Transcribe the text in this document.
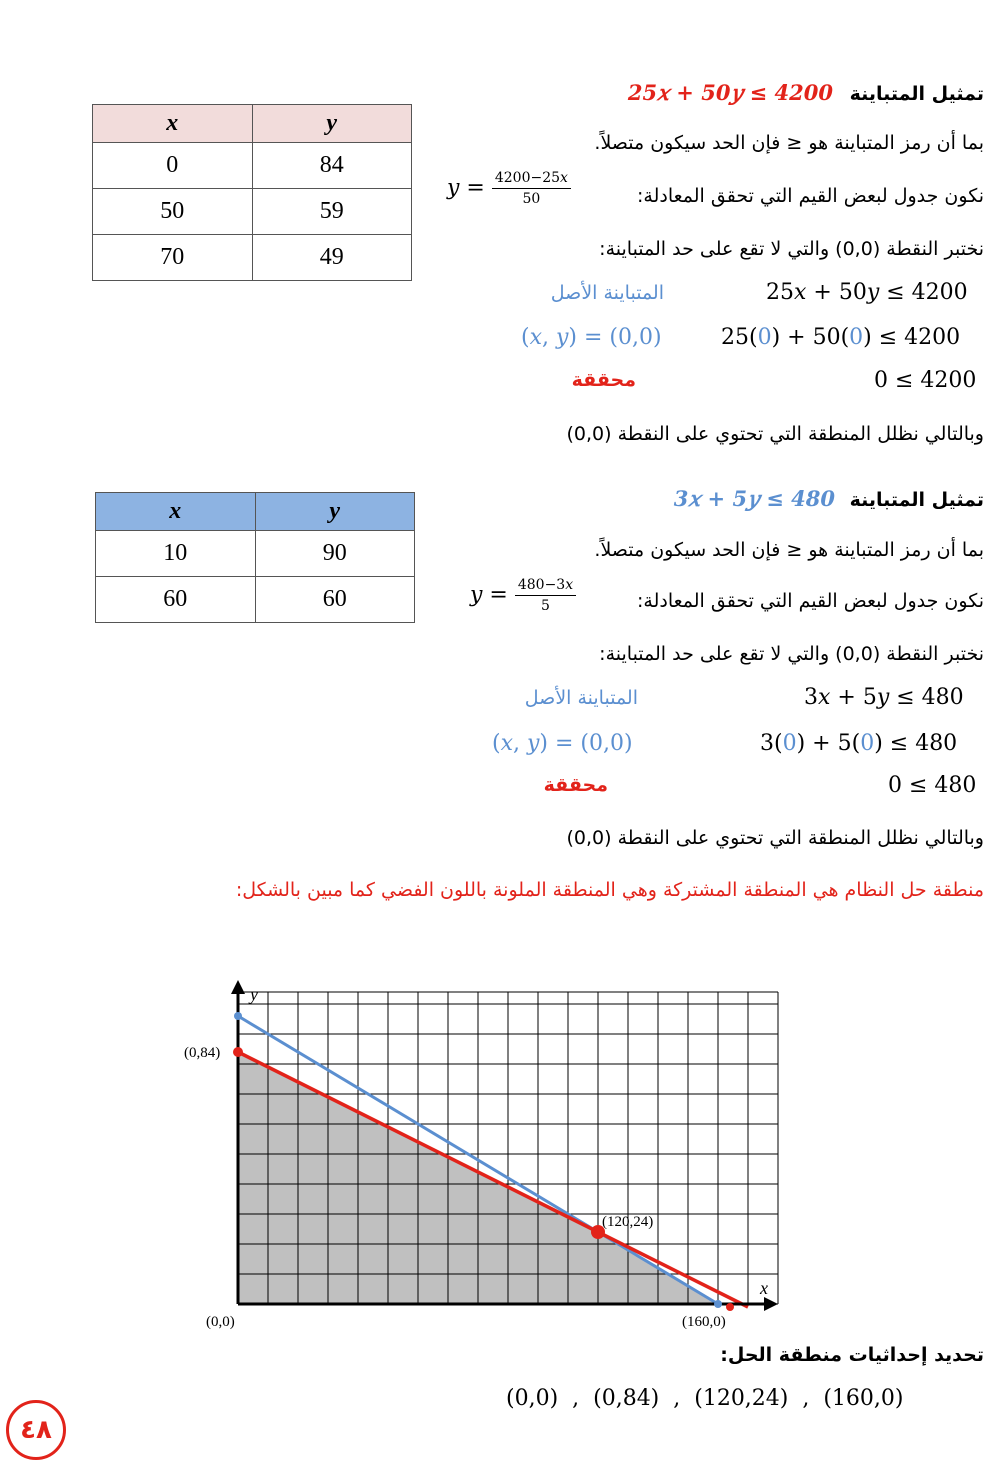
تمثيل المتباينة 25𝑥 + 50𝑦 ≤ 4200
بما أن رمز المتباينة هو ≤ فإن الحد سيكون متصلاً.
نكون جدول لبعض القيم التي تحقق المعادلة:
𝑦 = $\frac{\text{4200−25𝑥}}{50}$
نختبر النقطة (0,0) والتي لا تقع على حد المتباينة:
المتباينة الأصل	25𝑥 + 50𝑦 ≤ 4200
(𝑥, 𝑦) = (0,0)	25(0) + 50(0) ≤ 4200
محققة	0 ≤ 4200
وبالتالي نظلل المنطقة التي تحتوي على النقطة (0,0)
x	y
0	84
50	59
70	49
تمثيل المتباينة 3𝑥 + 5𝑦 ≤ 480
بما أن رمز المتباينة هو ≤ فإن الحد سيكون متصلاً.
نكون جدول لبعض القيم التي تحقق المعادلة:
𝑦 = $\frac{\text{480−3𝑥}}{5}$
نختبر النقطة (0,0) والتي لا تقع على حد المتباينة:
المتباينة الأصل	3𝑥 + 5𝑦 ≤ 480
(𝑥, 𝑦) = (0,0)	3(0) + 5(0) ≤ 480
محققة	0 ≤ 480
وبالتالي نظلل المنطقة التي تحتوي على النقطة (0,0)
x	y
10	90
60	60
منطقة حل النظام هي المنطقة المشتركة وهي المنطقة الملونة باللون الفضي كما مبين بالشكل:
x
y
(0,0)
(0,84)
(120,24)
(160,0)
تحديد إحداثيات منطقة الحل:
(0,0)  ,  (0,84)  ,  (120,24)  ,  (160,0)
٤٨
